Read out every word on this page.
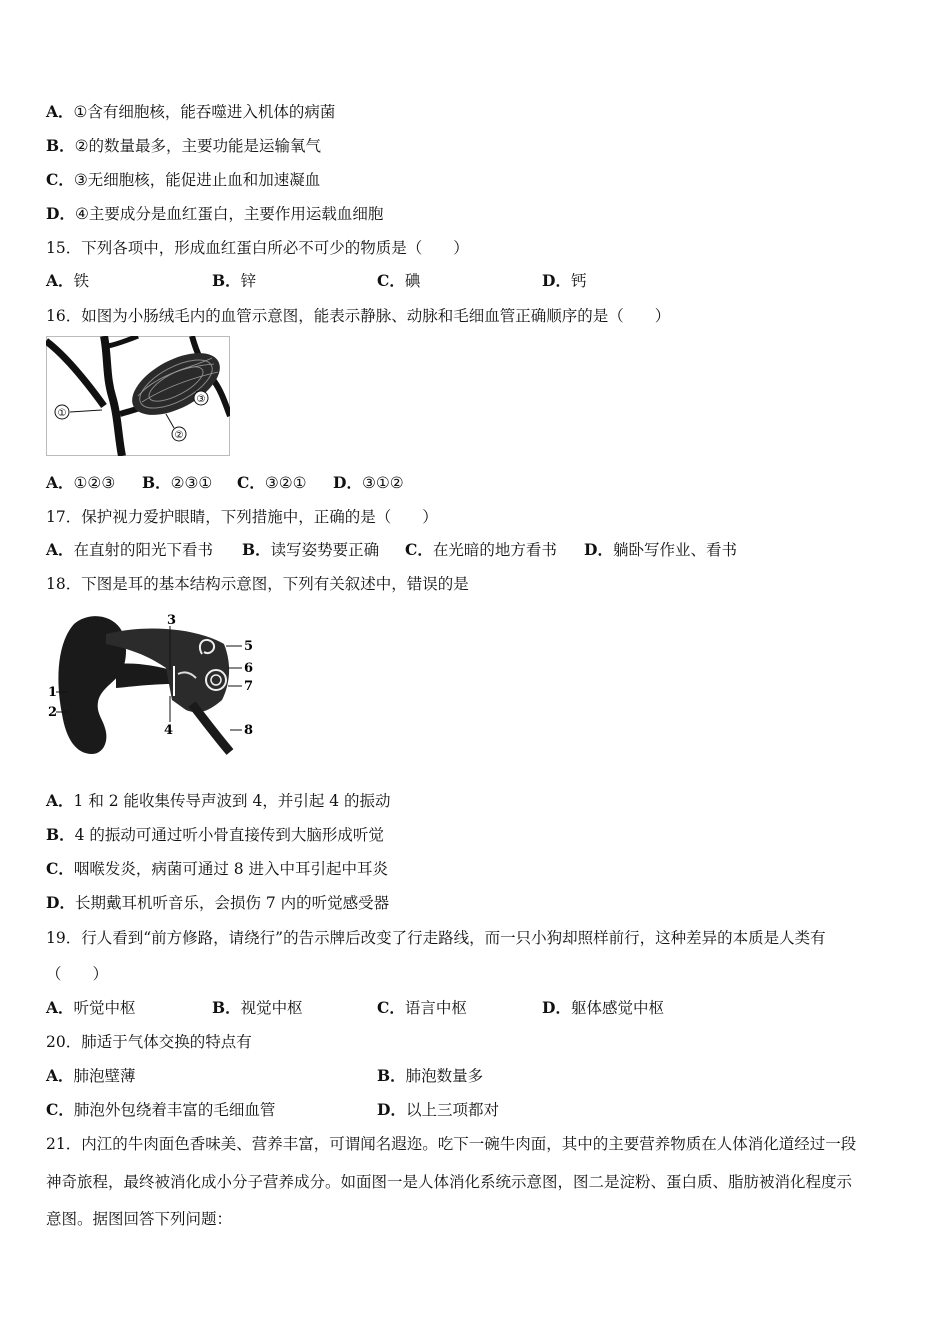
A．①含有细胞核，能吞噬进入机体的病菌
B．②的数量最多，主要功能是运输氧气
C．③无细胞核，能促进止血和加速凝血
D．④主要成分是血红蛋白，主要作用运载血细胞
15．下列各项中，形成血红蛋白所必不可少的物质是（　　）
A．铁	B．锌	C．碘	D．钙
16．如图为小肠绒毛内的血管示意图，能表示静脉、动脉和毛细血管正确顺序的是（　　）
①
②
③
A．①②③ B．②③① C．③②① D．③①②
17．保护视力爱护眼睛，下列措施中，正确的是（　　）
A．在直射的阳光下看书 B．读写姿势要正确 C．在光暗的地方看书 D．躺卧写作业、看书
18．下图是耳的基本结构示意图，下列有关叙述中，错误的是
3
5
6
7
1
2
4	8
A．1 和 2 能收集传导声波到 4，并引起 4 的振动
B．4 的振动可通过听小骨直接传到大脑形成听觉
C．咽喉发炎，病菌可通过 8 进入中耳引起中耳炎
D．长期戴耳机听音乐，会损伤 7 内的听觉感受器
19．行人看到“前方修路，请绕行”的告示牌后改变了行走路线，而一只小狗却照样前行，这种差异的本质是人类有
（　　）
A．听觉中枢	B．视觉中枢	C．语言中枢	D．躯体感觉中枢
20．肺适于气体交换的特点有
A．肺泡壁薄	B．肺泡数量多
C．肺泡外包绕着丰富的毛细血管	D．以上三项都对
21．内江的牛肉面色香味美、营养丰富，可谓闻名遐迩。吃下一碗牛肉面，其中的主要营养物质在人体消化道经过一段
神奇旅程，最终被消化成小分子营养成分。如面图一是人体消化系统示意图，图二是淀粉、蛋白质、脂肪被消化程度示
意图。据图回答下列问题：
